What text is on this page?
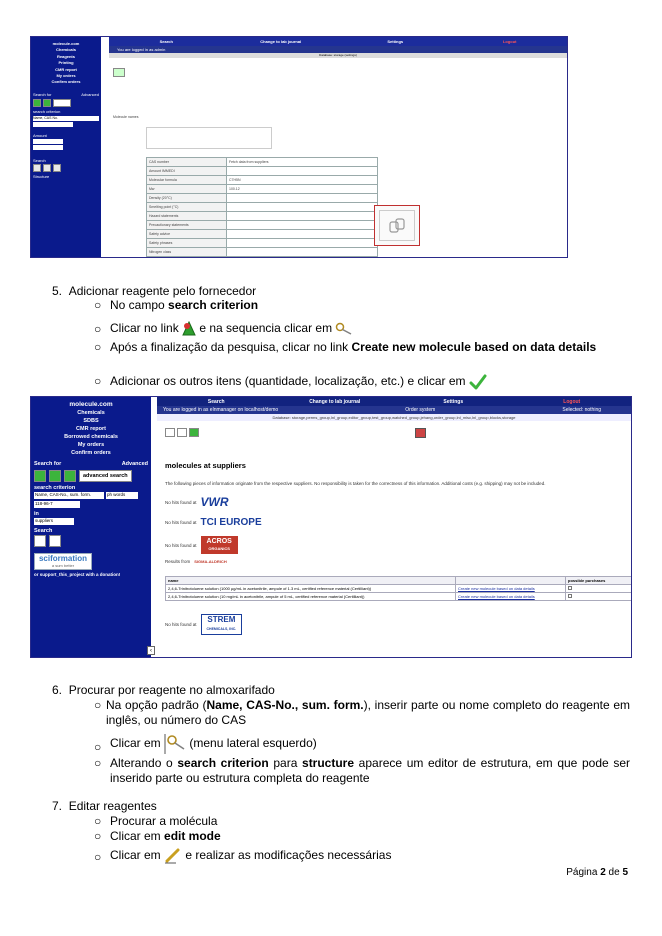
molecule.com
Chemicals
Reagents
Printing
CMR report
My orders
Confirm orders
Search for	Advanced
search criterion
Name, CAS No.
Amount
Search
Structure
Search	Change to lab journal	Settings	Logout
You are logged in as admin
Database: storage (settings)
Molecule names
CAS number	Fetch data from suppliers
Amount IMMEDI	
Molecular formula	C7H5N
Mw	100.12
Density (20°C)	
Smelting point (°C)	
Hazard statements	
Precautionary statements	
Safety advice	
Safety phrases	
Nitrogen class	

5. Adicionar reagente pelo fornecedor
○ No campo search criterion
○ Clicar no link  e na sequencia clicar em
○ Após a finalização da pesquisa, clicar no link Create new molecule based on data details
○ Adicionar os outros itens (quantidade, localização, etc.) e clicar em
molecule.com
Chemicals
SDBS
CMR report
Borrowed chemicals
My orders
Confirm orders
Search for	Advanced
advanced search
search criterion
Name, CAS-No., sum. form.	ph words
118-96-7
in
suppliers
Search
sciformation
a sum better
or support_this_project with a donation!
‹
Search	Change to lab journal	Settings	Logout
You are logged in as elnmanager on localhost/demo	Order system	Selected: nothing
Database: storage,perms_group,lnl_group,editor_group,test_group,watched_group,jehang,order_group,lnl_misc,lnl_group,blocks,storage
molecules at suppliers
The following pieces of information originate from the respective suppliers. No responsibility is taken for the correctness of this information. Additional costs (e.g. shipping) may not be included.
No hits found at VWR
No hits found at TCI EUROPE
No hits found at	ACROS
ORGANICS
Results from SIGMA-ALDRICH
name		possible purchases
2,4,6-Trinitrotoluene solution (1000 µg/mL in acetonitrile, ampule of 1.3 mL, certified reference material (Certilliant))	Create new molecule based on data details	
2,4,6-Trinitrotoluene solution (10 mg/mL in acetonitrile, ampule of 5 mL, certified reference material (Certilliant))	Create new molecule based on data details	
No hits found at
STREM
CHEMICALS, INC.
6. Procurar por reagente no almoxarifado
○ Na opção padrão (Name, CAS-No., sum. form.), inserir parte ou nome completo do reagente em inglês, ou número do CAS
○ Clicar em  (menu lateral esquerdo)
○ Alterando o search criterion para structure aparece um editor de estrutura, em que pode ser inserido parte ou estrutura completa do reagente
7. Editar reagentes
○ Procurar a molécula
○ Clicar em edit mode
○ Clicar em  e realizar as modificações necessárias
Página 2 de 5
